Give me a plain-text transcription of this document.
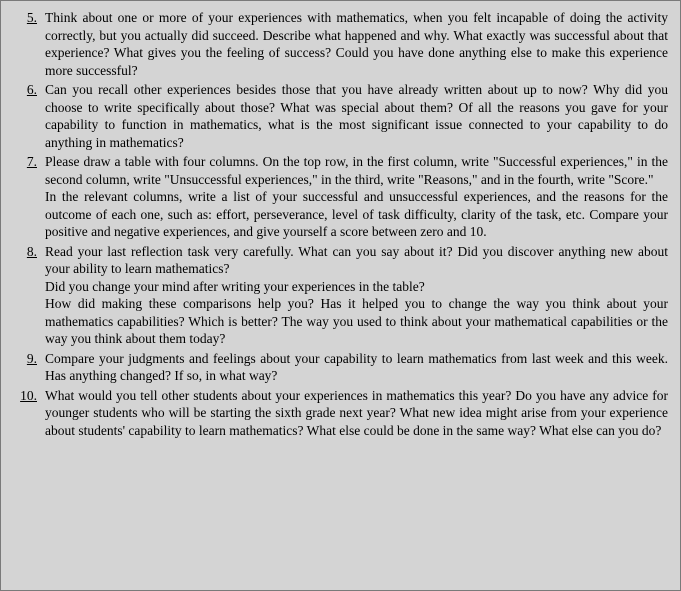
5. Think about one or more of your experiences with mathematics, when you felt incapable of doing the activity correctly, but you actually did succeed. Describe what happened and why. What exactly was successful about that experience? What gives you the feeling of success? Could you have done anything else to make this experience more successful?

6. Can you recall other experiences besides those that you have already written about up to now? Why did you choose to write specifically about those? What was special about them? Of all the reasons you gave for your capability to function in mathematics, what is the most significant issue connected to your capability to do anything in mathematics?

7. Please draw a table with four columns. On the top row, in the first column, write "Successful experiences," in the second column, write "Unsuccessful experiences," in the third, write "Reasons," and in the fourth, write "Score."

In the relevant columns, write a list of your successful and unsuccessful experiences, and the reasons for the outcome of each one, such as: effort, perseverance, level of task difficulty, clarity of the task, etc. Compare your positive and negative experiences, and give yourself a score between zero and 10.

8. Read your last reflection task very carefully. What can you say about it? Did you discover anything new about your ability to learn mathematics?

Did you change your mind after writing your experiences in the table?

How did making these comparisons help you? Has it helped you to change the way you think about your mathematics capabilities? Which is better? The way you used to think about your mathematical capabilities or the way you think about them today?

9. Compare your judgments and feelings about your capability to learn mathematics from last week and this week. Has anything changed? If so, in what way?

10. What would you tell other students about your experiences in mathematics this year? Do you have any advice for younger students who will be starting the sixth grade next year? What new idea might arise from your experience about students' capability to learn mathematics? What else could be done in the same way? What else can you do?
